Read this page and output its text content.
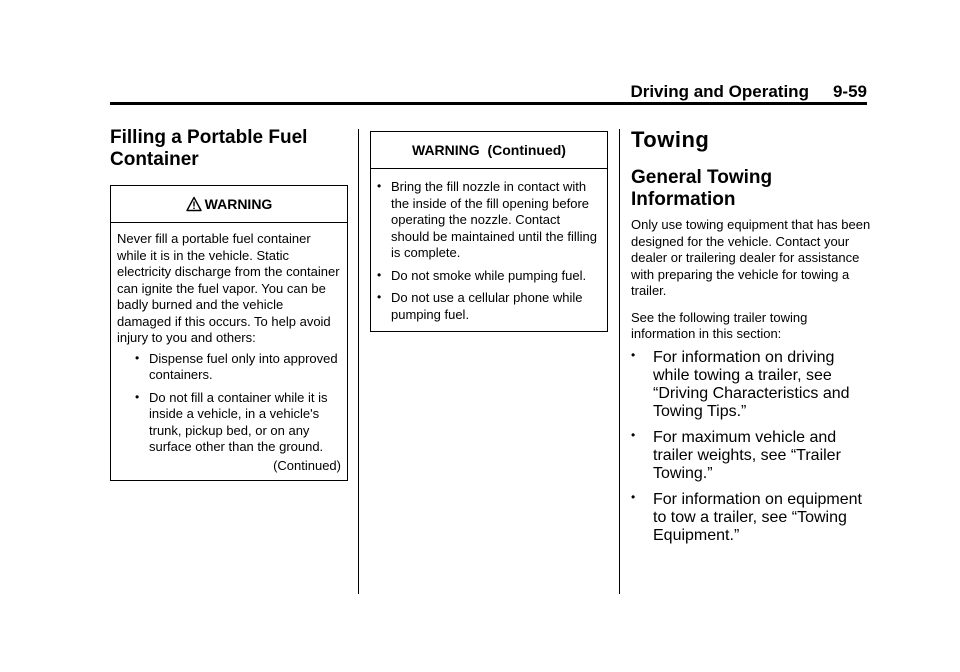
Driving and Operating 9-59
Filling a Portable Fuel
Container
WARNING

Never fill a portable fuel container while it is in the vehicle. Static electricity discharge from the container can ignite the fuel vapor. You can be badly burned and the vehicle damaged if this occurs. To help avoid injury to you and others:

• Dispense fuel only into approved containers.
• Do not fill a container while it is inside a vehicle, in a vehicle's trunk, pickup bed, or on any surface other than the ground.
(Continued)
WARNING  (Continued)
• Bring the fill nozzle in contact with the inside of the fill opening before operating the nozzle. Contact should be maintained until the filling is complete.
• Do not smoke while pumping fuel.
• Do not use a cellular phone while pumping fuel.
Towing
General Towing
Information

Only use towing equipment that has been designed for the vehicle. Contact your dealer or trailering dealer for assistance with preparing the vehicle for towing a trailer.

See the following trailer towing information in this section:

• For information on driving while towing a trailer, see “Driving Characteristics and Towing Tips.”
• For maximum vehicle and trailer weights, see “Trailer Towing.”
• For information on equipment to tow a trailer, see “Towing Equipment.”
